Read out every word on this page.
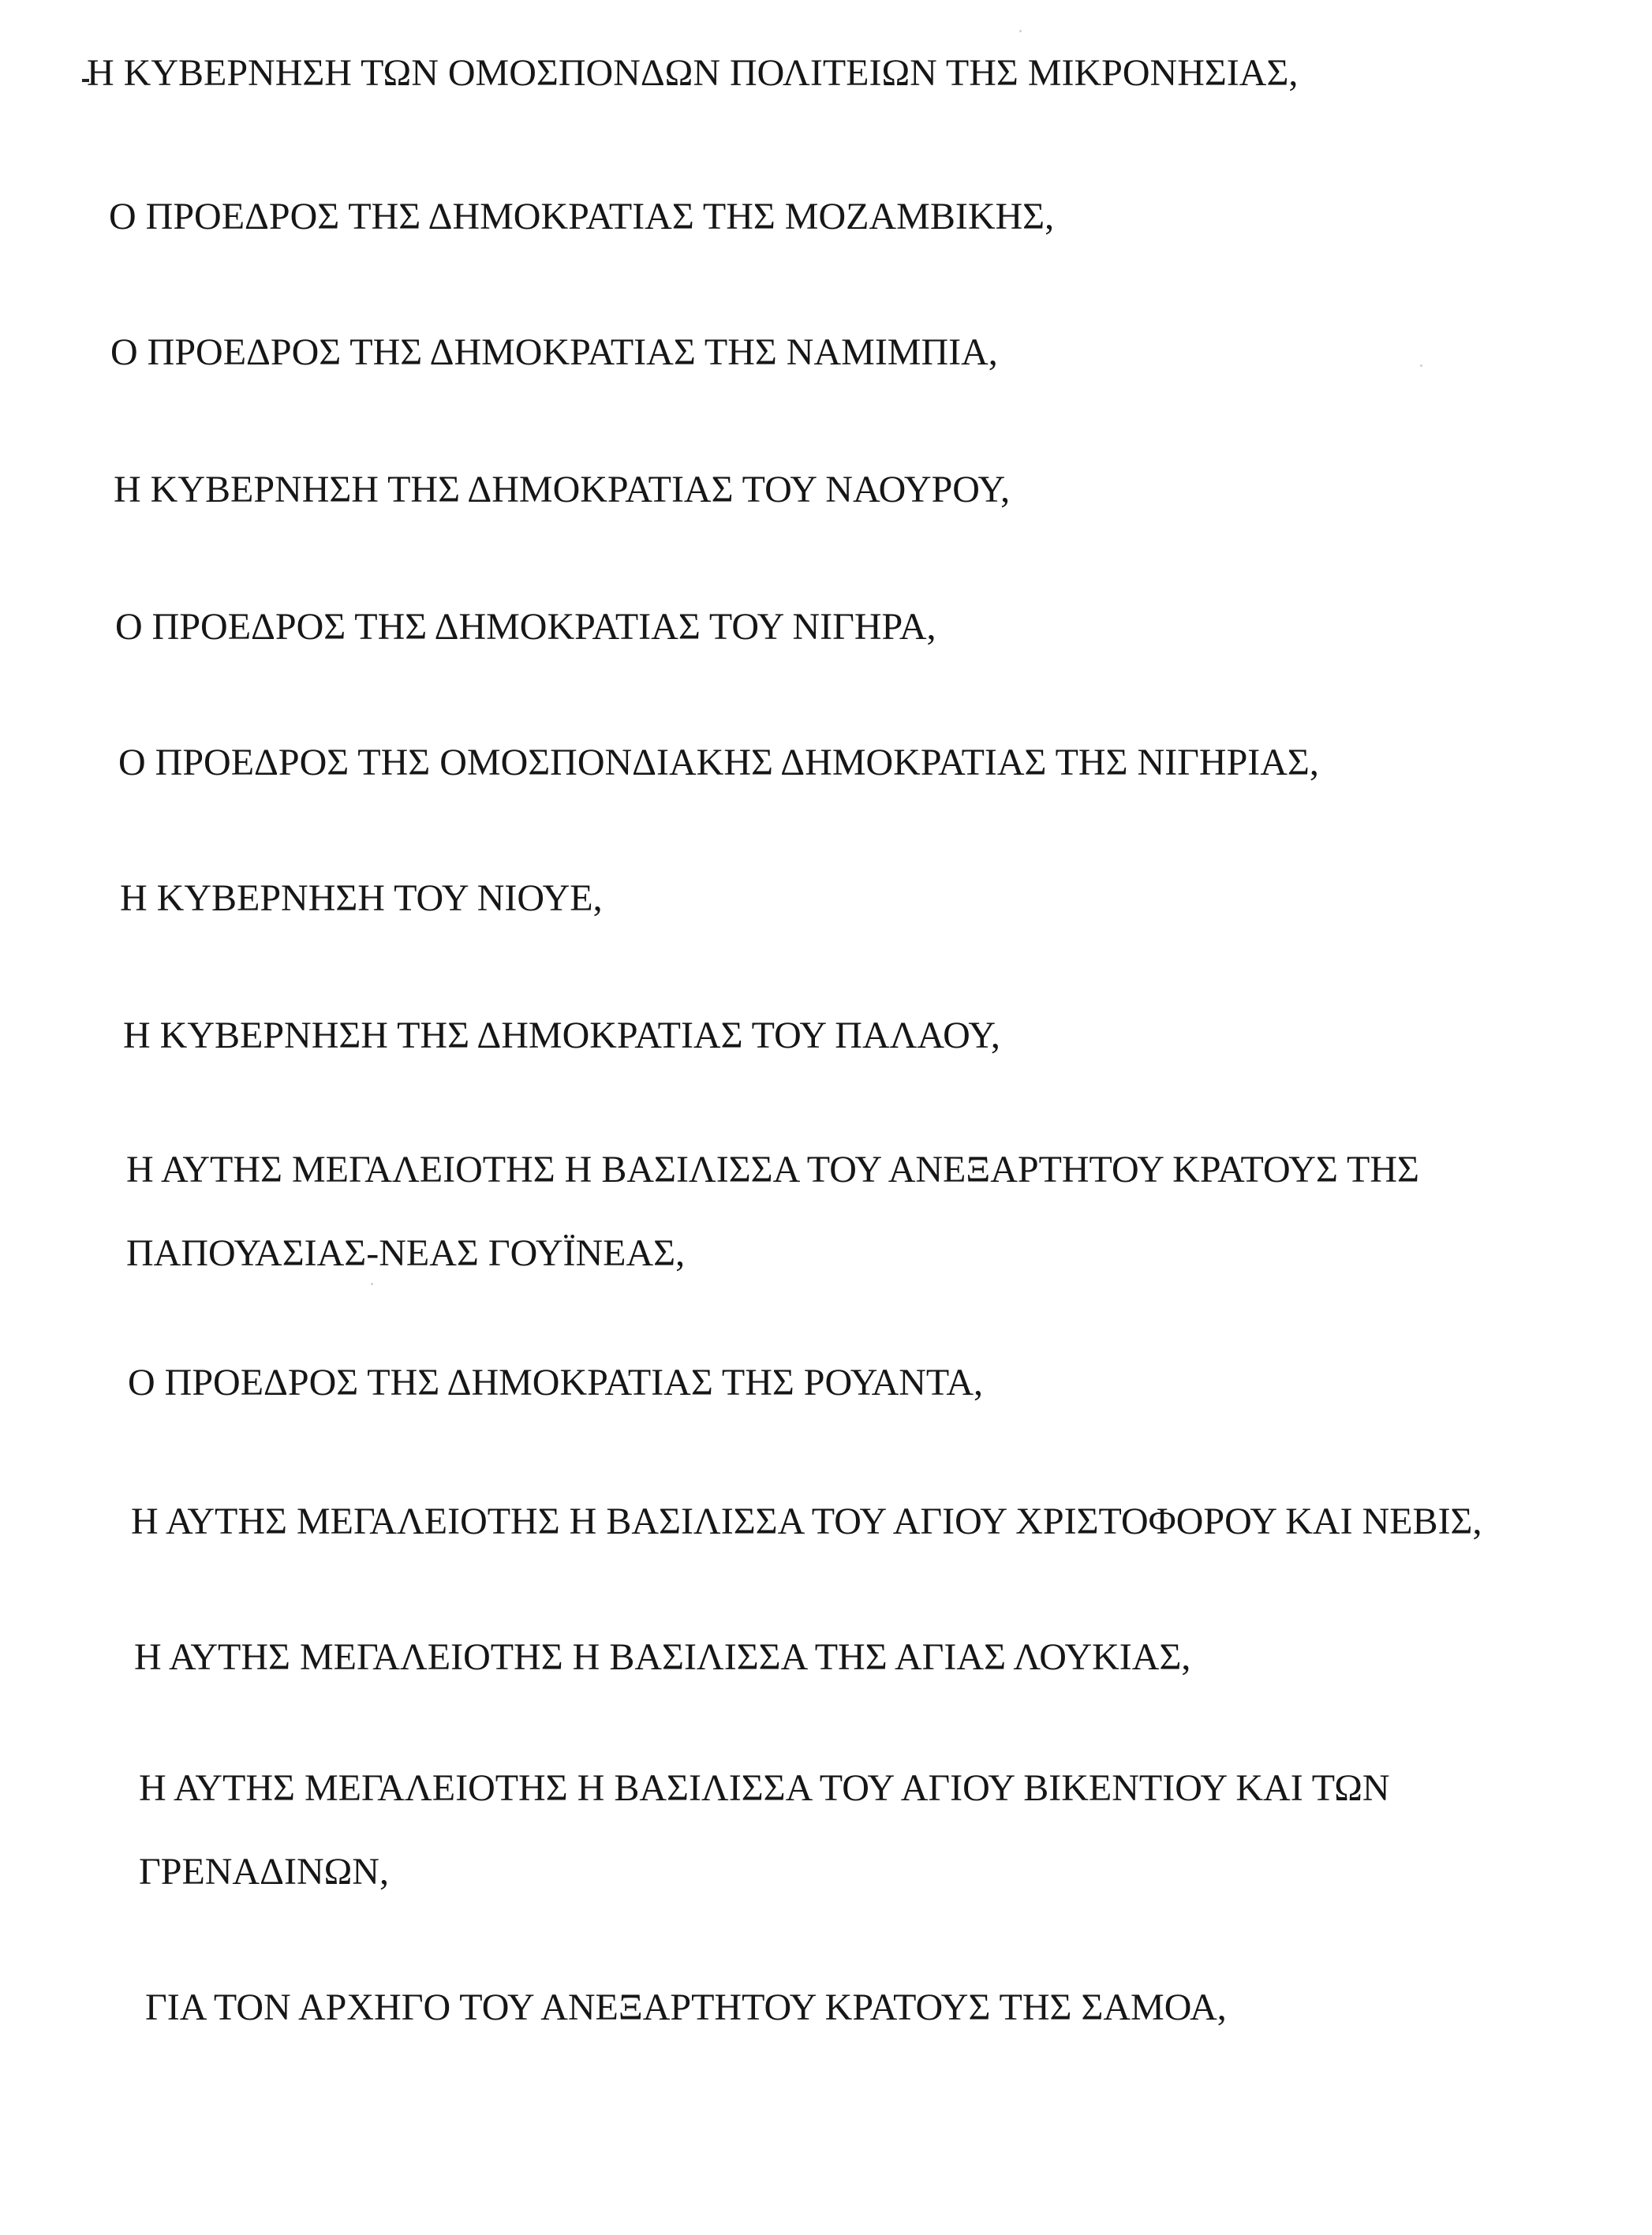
Η ΚΥΒΕΡΝΗΣΗ ΤΩΝ ΟΜΟΣΠΟΝΔΩΝ ΠΟΛΙΤΕΙΩΝ ΤΗΣ ΜΙΚΡΟΝΗΣΙΑΣ,

Ο ΠΡΟΕΔΡΟΣ ΤΗΣ ΔΗΜΟΚΡΑΤΙΑΣ ΤΗΣ ΜΟΖΑΜΒΙΚΗΣ,

Ο ΠΡΟΕΔΡΟΣ ΤΗΣ ΔΗΜΟΚΡΑΤΙΑΣ ΤΗΣ ΝΑΜΙΜΠΙΑ,

Η ΚΥΒΕΡΝΗΣΗ ΤΗΣ ΔΗΜΟΚΡΑΤΙΑΣ ΤΟΥ ΝΑΟΥΡΟΥ,

Ο ΠΡΟΕΔΡΟΣ ΤΗΣ ΔΗΜΟΚΡΑΤΙΑΣ ΤΟΥ ΝΙΓΗΡΑ,

Ο ΠΡΟΕΔΡΟΣ ΤΗΣ ΟΜΟΣΠΟΝΔΙΑΚΗΣ ΔΗΜΟΚΡΑΤΙΑΣ ΤΗΣ ΝΙΓΗΡΙΑΣ,

Η ΚΥΒΕΡΝΗΣΗ ΤΟΥ ΝΙΟΥΕ,

Η ΚΥΒΕΡΝΗΣΗ ΤΗΣ ΔΗΜΟΚΡΑΤΙΑΣ ΤΟΥ ΠΑΛΑΟΥ,

Η ΑΥΤΗΣ ΜΕΓΑΛΕΙΟΤΗΣ Η ΒΑΣΙΛΙΣΣΑ ΤΟΥ ΑΝΕΞΑΡΤΗΤΟΥ ΚΡΑΤΟΥΣ ΤΗΣ
ΠΑΠΟΥΑΣΙΑΣ-ΝΕΑΣ ΓΟΥΪΝΕΑΣ,

Ο ΠΡΟΕΔΡΟΣ ΤΗΣ ΔΗΜΟΚΡΑΤΙΑΣ ΤΗΣ ΡΟΥΑΝΤΑ,

Η ΑΥΤΗΣ ΜΕΓΑΛΕΙΟΤΗΣ Η ΒΑΣΙΛΙΣΣΑ ΤΟΥ ΑΓΙΟΥ ΧΡΙΣΤΟΦΟΡΟΥ ΚΑΙ ΝΕΒΙΣ,

Η ΑΥΤΗΣ ΜΕΓΑΛΕΙΟΤΗΣ Η ΒΑΣΙΛΙΣΣΑ ΤΗΣ ΑΓΙΑΣ ΛΟΥΚΙΑΣ,

Η ΑΥΤΗΣ ΜΕΓΑΛΕΙΟΤΗΣ Η ΒΑΣΙΛΙΣΣΑ ΤΟΥ ΑΓΙΟΥ ΒΙΚΕΝΤΙΟΥ ΚΑΙ ΤΩΝ
ΓΡΕΝΑΔΙΝΩΝ,

ΓΙΑ ΤΟΝ ΑΡΧΗΓΟ ΤΟΥ ΑΝΕΞΑΡΤΗΤΟΥ ΚΡΑΤΟΥΣ ΤΗΣ ΣΑΜΟΑ,
